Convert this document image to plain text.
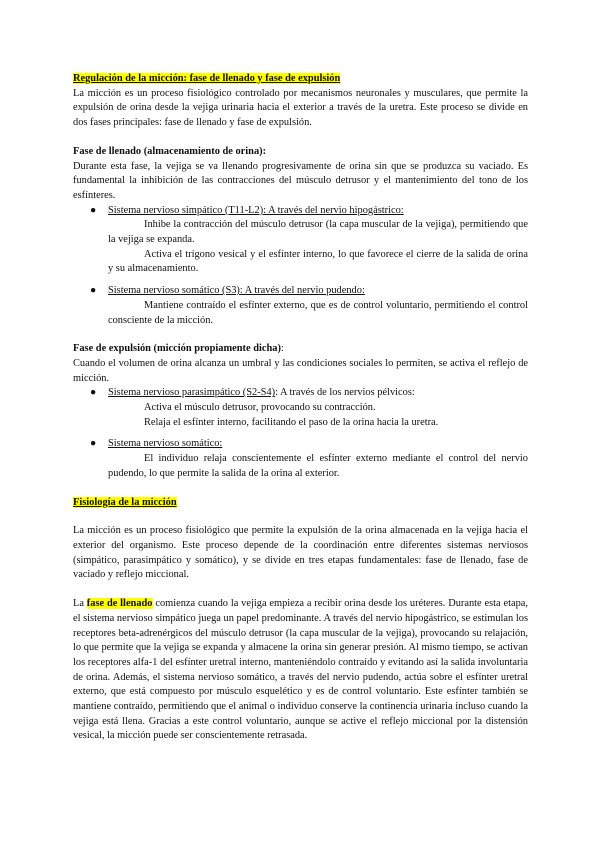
Regulación de la micción: fase de llenado y fase de expulsión

La micción es un proceso fisiológico controlado por mecanismos neuronales y musculares, que permite la expulsión de orina desde la vejiga urinaria hacia el exterior a través de la uretra. Este proceso se divide en dos fases principales: fase de llenado y fase de expulsión.

Fase de llenado (almacenamiento de orina):

Durante esta fase, la vejiga se va llenando progresivamente de orina sin que se produzca su vaciado. Es fundamental la inhibición de las contracciones del músculo detrusor y el mantenimiento del tono de los esfínteres.

● Sistema nervioso simpático (T11-L2): A través del nervio hipogástrico:

Inhibe la contracción del músculo detrusor (la capa muscular de la vejiga), permitiendo que la vejiga se expanda.

Activa el trígono vesical y el esfínter interno, lo que favorece el cierre de la salida de orina y su almacenamiento.

● Sistema nervioso somático (S3): A través del nervio pudendo:

Mantiene contraído el esfínter externo, que es de control voluntario, permitiendo el control consciente de la micción.

Fase de expulsión (micción propiamente dicha):

Cuando el volumen de orina alcanza un umbral y las condiciones sociales lo permiten, se activa el reflejo de micción.

● Sistema nervioso parasimpático (S2-S4): A través de los nervios pélvicos:

Activa el músculo detrusor, provocando su contracción.

Relaja el esfínter interno, facilitando el paso de la orina hacia la uretra.

● Sistema nervioso somático:

El individuo relaja conscientemente el esfínter externo mediante el control del nervio pudendo, lo que permite la salida de la orina al exterior.

Fisiología de la micción

La micción es un proceso fisiológico que permite la expulsión de la orina almacenada en la vejiga hacia el exterior del organismo. Este proceso depende de la coordinación entre diferentes sistemas nerviosos (simpático, parasimpático y somático), y se divide en tres etapas fundamentales: fase de llenado, fase de vaciado y reflejo miccional.

La fase de llenado comienza cuando la vejiga empieza a recibir orina desde los uréteres. Durante esta etapa, el sistema nervioso simpático juega un papel predominante. A través del nervio hipogástrico, se estimulan los receptores beta-adrenérgicos del músculo detrusor (la capa muscular de la vejiga), provocando su relajación, lo que permite que la vejiga se expanda y almacene la orina sin generar presión. Al mismo tiempo, se activan los receptores alfa-1 del esfínter uretral interno, manteniéndolo contraído y evitando así la salida involuntaria de orina. Además, el sistema nervioso somático, a través del nervio pudendo, actúa sobre el esfínter uretral externo, que está compuesto por músculo esquelético y es de control voluntario. Este esfínter también se mantiene contraído, permitiendo que el animal o individuo conserve la continencia urinaria incluso cuando la vejiga está llena. Gracias a este control voluntario, aunque se active el reflejo miccional por la distensión vesical, la micción puede ser conscientemente retrasada.
